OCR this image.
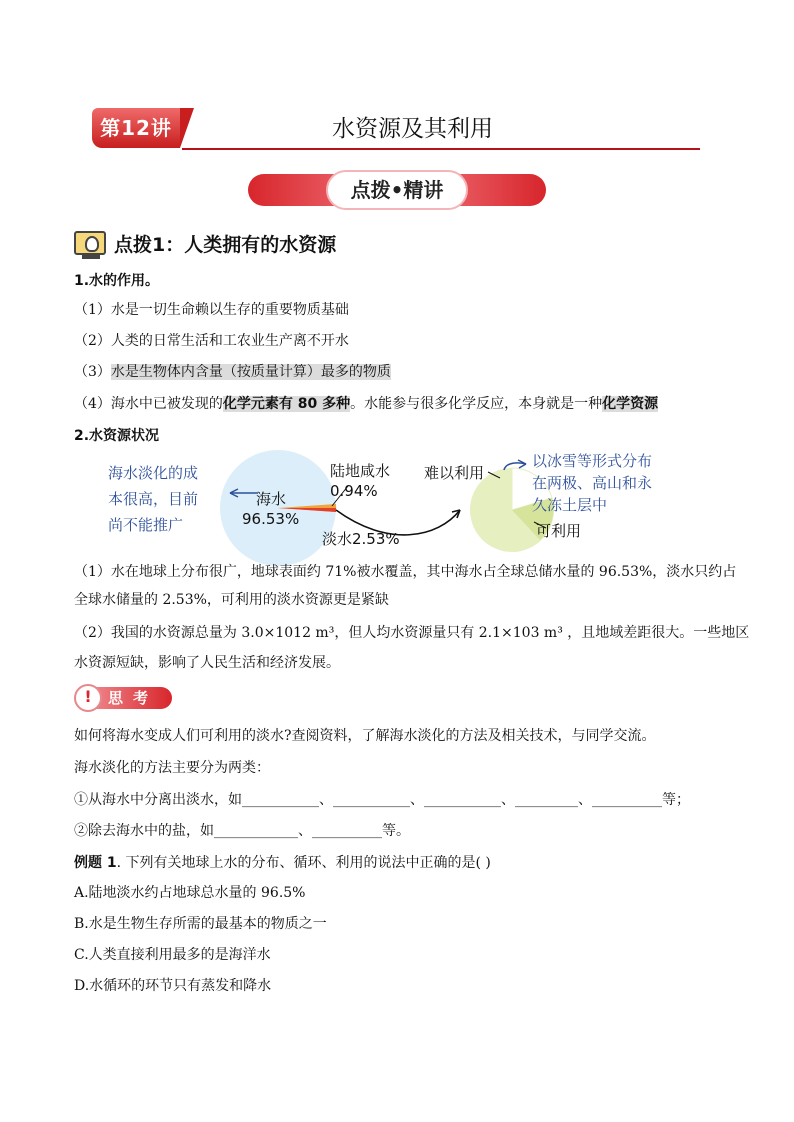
第12讲	水资源及其利用
点拨•精讲
点拨1：人类拥有的水资源
1.水的作用。
（1）水是一切生命赖以生存的重要物质基础
（2）人类的日常生活和工农业生产离不开水
（3）水是生物体内含量（按质量计算）最多的物质
（4）海水中已被发现的化学元素有 80 多种。水能参与很多化学反应，本身就是一种化学资源
2.水资源状况
海水淡化的成
本很高，目前
尚不能推广
海水
96.53%
陆地咸水
0.94%
淡水2.53%
难以利用
可利用
以冰雪等形式分布
在两极、高山和永
久冻土层中
（1）水在地球上分布很广，地球表面约 71%被水覆盖，其中海水占全球总储水量的 96.53%，淡水只约占
全球水储量的 2.53%，可利用的淡水资源更是紧缺
（2）我国的水资源总量为 3.0×1012 m³，但人均水资源量只有 2.1×103 m³ ，且地域差距很大。一些地区
水资源短缺，影响了人民生活和经济发展。
!
思考
如何将海水变成人们可利用的淡水?查阅资料，了解海水淡化的方法及相关技术，与同学交流。
海水淡化的方法主要分为两类：
①从海水中分离出淡水，如___________、___________、___________、_________、__________等；
②除去海水中的盐，如____________、__________等。
例题 1. 下列有关地球上水的分布、循环、利用的说法中正确的是( )
A.陆地淡水约占地球总水量的 96.5%
B.水是生物生存所需的最基本的物质之一
C.人类直接利用最多的是海洋水
D.水循环的环节只有蒸发和降水
